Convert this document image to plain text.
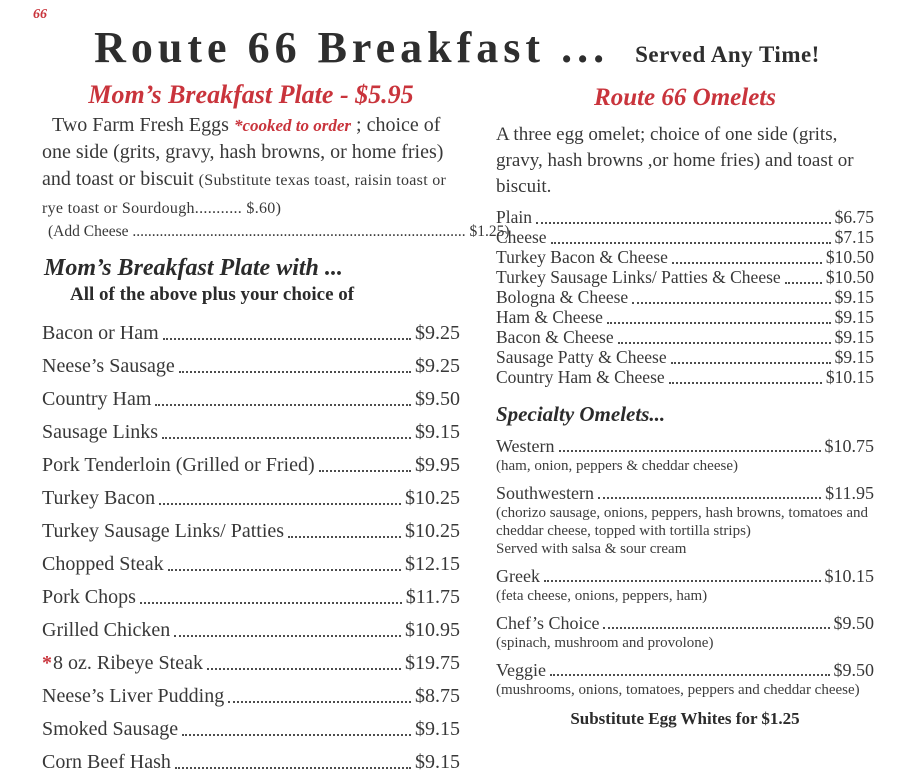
66
Route 66 Breakfast ... Served Any Time!
Mom’s Breakfast Plate - $5.95

Two Farm Fresh Eggs *cooked to order ; choice of one side (grits, gravy, hash browns, or home fries) and toast or biscuit (Substitute texas toast, raisin toast or rye toast or Sourdough........... $.60)

(Add Cheese ...................................................................................... $1.25)

Mom’s Breakfast Plate with ...
All of the above plus your choice of
Bacon or Ham	$9.25
Neese’s Sausage	$9.25
Country Ham	$9.50
Sausage Links	$9.15
Pork Tenderloin (Grilled or Fried)	$9.95
Turkey Bacon	$10.25
Turkey Sausage Links/ Patties	$10.25
Chopped Steak	$12.15
Pork Chops	$11.75
Grilled Chicken	$10.95
*8 oz. Ribeye Steak	$19.75
Neese’s Liver Pudding	$8.75
Smoked Sausage	$9.15
Corn Beef Hash	$9.15
Route 66 Omelets

A three egg omelet; choice of one side (grits, gravy, hash browns ,or home fries) and toast or biscuit.

Plain	$6.75
Cheese	$7.15
Turkey Bacon & Cheese	$10.50
Turkey Sausage Links/ Patties & Cheese	$10.50
Bologna & Cheese	$9.15
Ham & Cheese	$9.15
Bacon & Cheese	$9.15
Sausage Patty & Cheese	$9.15
Country Ham & Cheese	$10.15
Specialty Omelets...
Western	$10.75
(ham, onion, peppers & cheddar cheese)
Southwestern	$11.95
(chorizo sausage, onions, peppers, hash browns, tomatoes and cheddar cheese, topped with tortilla strips)
Served with salsa & sour cream
Greek	$10.15
(feta cheese, onions, peppers, ham)
Chef’s Choice	$9.50
(spinach, mushroom and provolone)
Veggie	$9.50
(mushrooms, onions, tomatoes, peppers and cheddar cheese)
Substitute Egg Whites for $1.25
